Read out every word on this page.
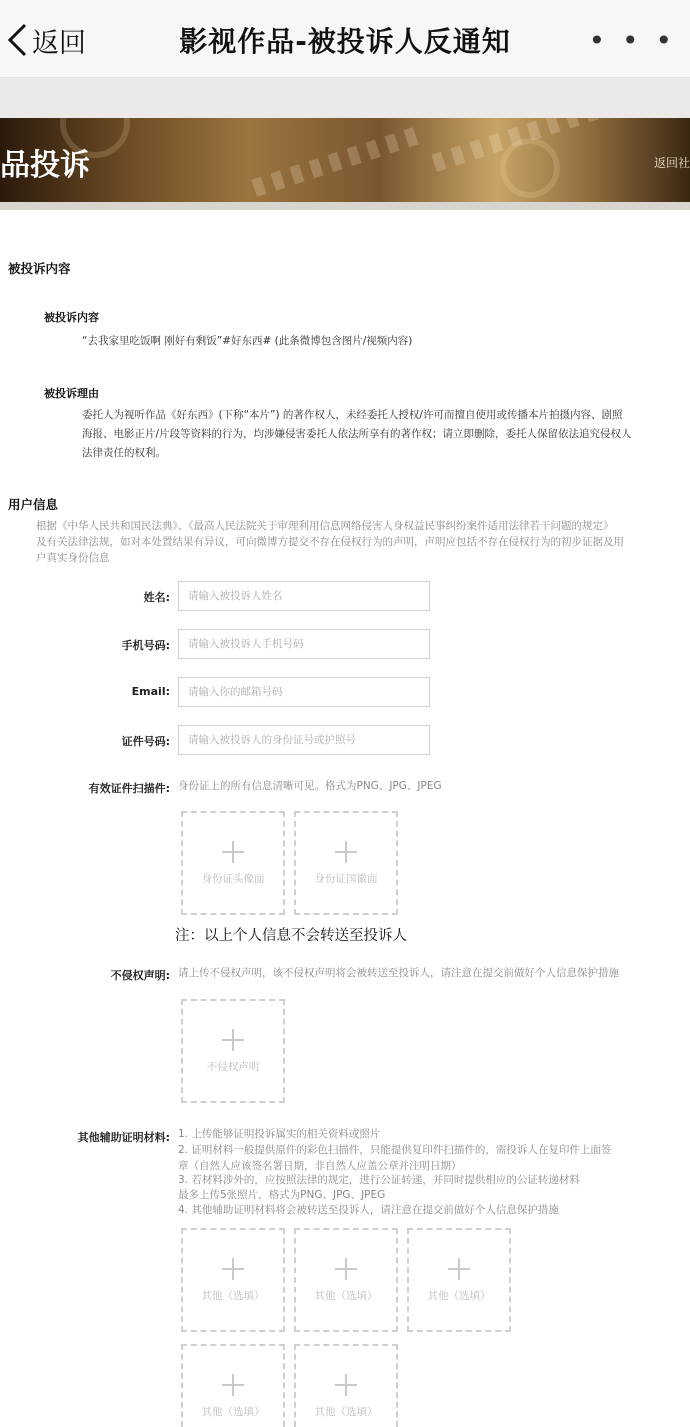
返回	影视作品-被投诉人反通知	• • •
品投诉	返回社
被投诉内容
被投诉内容
“去我家里吃饭啊 刚好有剩饭”#好东西# (此条微博包含图片/视频内容)
被投诉理由
委托人为视听作品《好东西》(下称“本片”) 的著作权人，未经委托人授权/许可而擅自使用或传播本片拍摄内容、剧照
海报、电影正片/片段等资料的行为，均涉嫌侵害委托人依法所享有的著作权；请立即删除，委托人保留依法追究侵权人
法律责任的权利。
用户信息
根据《中华人民共和国民法典》、《最高人民法院关于审理利用信息网络侵害人身权益民事纠纷案件适用法律若干问题的规定》
及有关法律法规，如对本处置结果有异议，可向微博方提交不存在侵权行为的声明，声明应包括不存在侵权行为的初步证据及用
户真实身份信息
姓名:
请输入被投诉人姓名
手机号码:
请输入被投诉人手机号码
Email:
请输入你的邮箱号码
证件号码:
请输入被投诉人的身份证号或护照号
有效证件扫描件: 身份证上的所有信息清晰可见。格式为PNG、JPG、JPEG
身份证头像面	身份证国徽面
注：以上个人信息不会转送至投诉人
不侵权声明: 请上传不侵权声明，该不侵权声明将会被转送至投诉人，请注意在提交前做好个人信息保护措施
不侵权声明
其他辅助证明材料: 1. 上传能够证明投诉属实的相关资料或照片
2. 证明材料一般提供原件的彩色扫描件，只能提供复印件扫描件的，需投诉人在复印件上面签
章（自然人应该签名署日期，非自然人应盖公章并注明日期）
3. 若材料涉外的，应按照法律的规定，进行公证转递，并同时提供相应的公证转递材料
最多上传5张照片，格式为PNG、JPG、JPEG
4. 其他辅助证明材料将会被转送至投诉人，请注意在提交前做好个人信息保护措施
其他（选填）	其他（选填）	其他（选填）
其他（选填）	其他（选填）
